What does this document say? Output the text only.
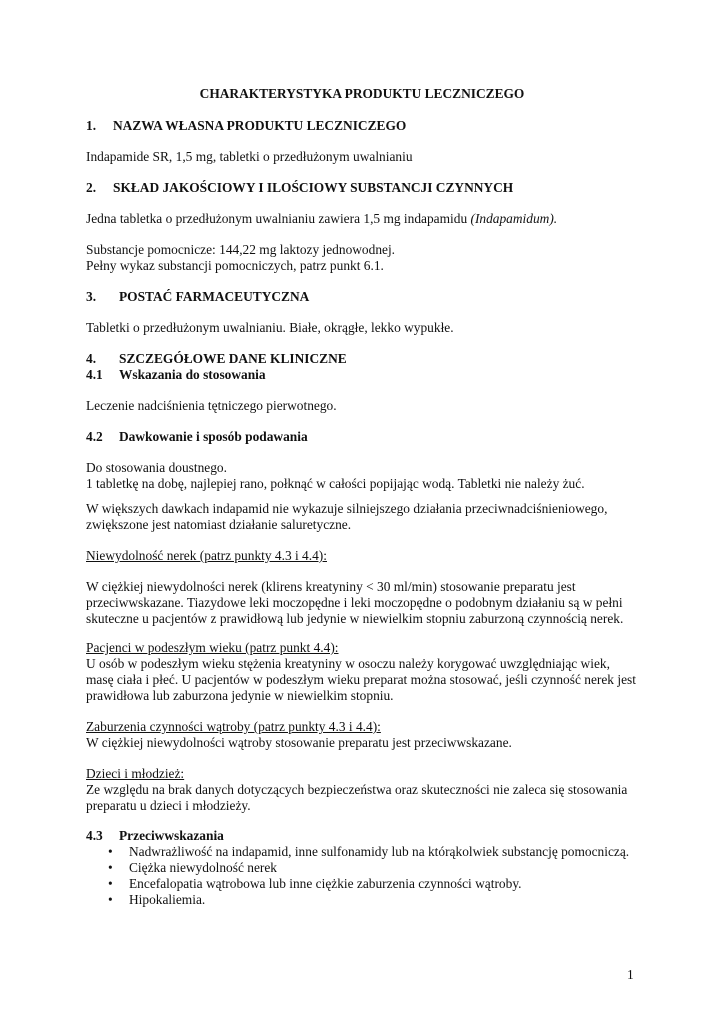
CHARAKTERYSTYKA PRODUKTU LECZNICZEGO
1. NAZWA WŁASNA PRODUKTU LECZNICZEGO
Indapamide SR, 1,5 mg, tabletki o przedłużonym uwalnianiu
2. SKŁAD JAKOŚCIOWY I ILOŚCIOWY SUBSTANCJI CZYNNYCH
Jedna tabletka o przedłużonym uwalnianiu zawiera 1,5 mg indapamidu (Indapamidum).
Substancje pomocnicze: 144,22 mg laktozy jednowodnej.
Pełny wykaz substancji pomocniczych, patrz punkt 6.1.
3. POSTAĆ FARMACEUTYCZNA
Tabletki o przedłużonym uwalnianiu. Białe, okrągłe, lekko wypukłe.
4. SZCZEGÓŁOWE DANE KLINICZNE
4.1 Wskazania do stosowania
Leczenie nadciśnienia tętniczego pierwotnego.
4.2 Dawkowanie i sposób podawania
Do stosowania doustnego.
1 tabletkę na dobę, najlepiej rano, połknąć w całości popijając wodą. Tabletki nie należy żuć.
W większych dawkach indapamid nie wykazuje silniejszego działania przeciwnadciśnieniowego,
zwiększone jest natomiast działanie saluretyczne.
Niewydolność nerek (patrz punkty 4.3 i 4.4):
W ciężkiej niewydolności nerek (klirens kreatyniny < 30 ml/min) stosowanie preparatu jest
przeciwwskazane. Tiazydowe leki moczopędne i leki moczopędne o podobnym działaniu są w pełni
skuteczne u pacjentów z prawidłową lub jedynie w niewielkim stopniu zaburzoną czynnością nerek.
Pacjenci w podeszłym wieku (patrz punkt 4.4):
U osób w podeszłym wieku stężenia kreatyniny w osoczu należy korygować uwzględniając wiek,
masę ciała i płeć. U pacjentów w podeszłym wieku preparat można stosować, jeśli czynność nerek jest
prawidłowa lub zaburzona jedynie w niewielkim stopniu.
Zaburzenia czynności wątroby (patrz punkty 4.3 i 4.4):
W ciężkiej niewydolności wątroby stosowanie preparatu jest przeciwwskazane.
Dzieci i młodzież:
Ze względu na brak danych dotyczących bezpieczeństwa oraz skuteczności nie zaleca się stosowania
preparatu u dzieci i młodzieży.
4.3 Przeciwwskazania
•	Nadwrażliwość na indapamid, inne sulfonamidy lub na którąkolwiek substancję pomocniczą.
•	Ciężka niewydolność nerek
•	Encefalopatia wątrobowa lub inne ciężkie zaburzenia czynności wątroby.
•	Hipokaliemia.
1
